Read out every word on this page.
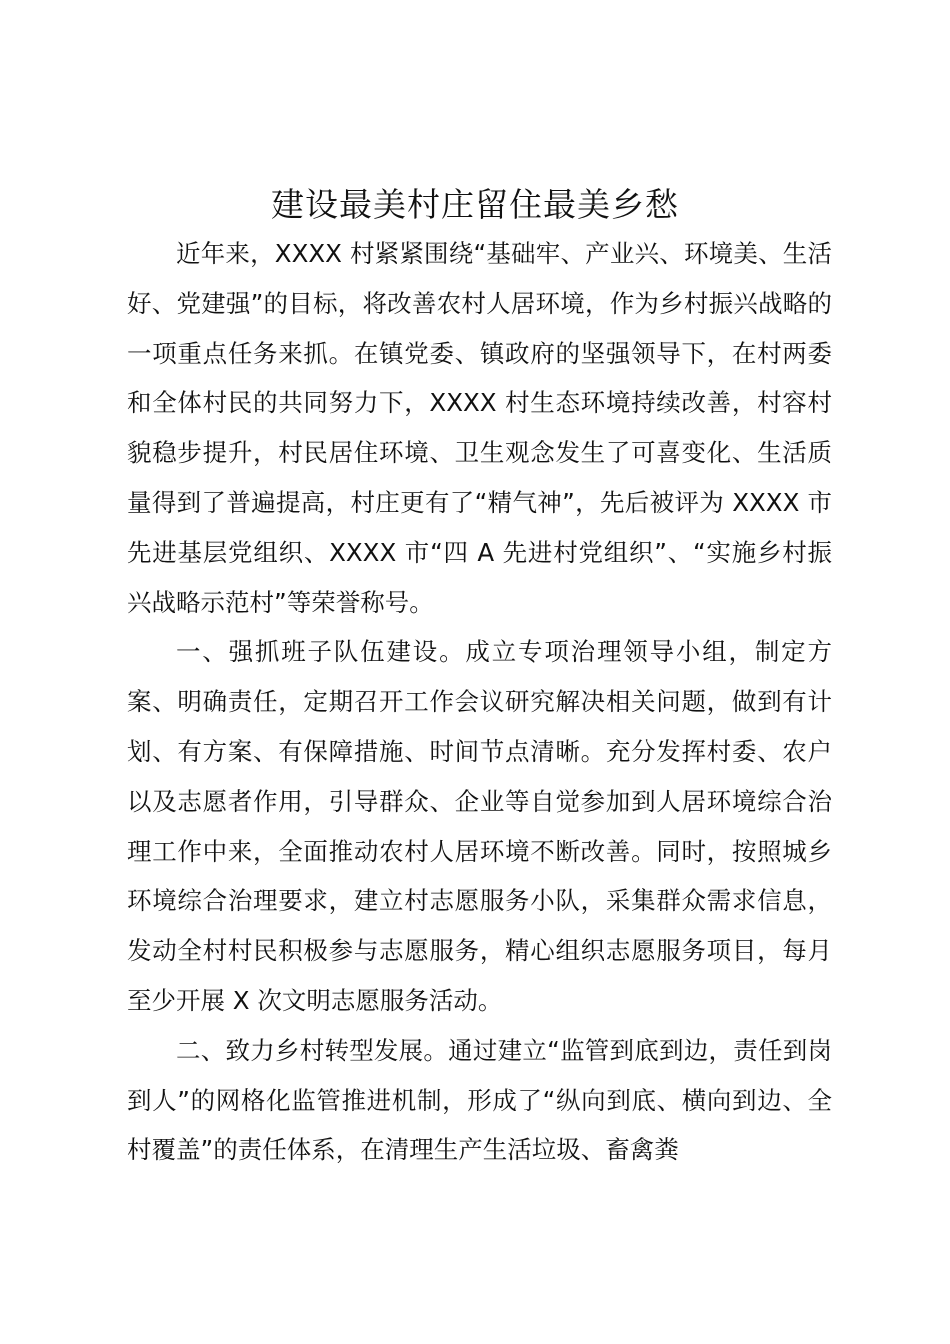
建设最美村庄留住最美乡愁

近年来，XXXX 村紧紧围绕“基础牢、产业兴、环境美、生活好、党建强”的目标，将改善农村人居环境，作为乡村振兴战略的一项重点任务来抓。在镇党委、镇政府的坚强领导下，在村两委和全体村民的共同努力下，XXXX 村生态环境持续改善，村容村貌稳步提升，村民居住环境、卫生观念发生了可喜变化、生活质量得到了普遍提高，村庄更有了“精气神”，先后被评为 XXXX 市先进基层党组织、XXXX 市“四 A 先进村党组织”、“实施乡村振兴战略示范村”等荣誉称号。

一、强抓班子队伍建设。成立专项治理领导小组，制定方案、明确责任，定期召开工作会议研究解决相关问题，做到有计划、有方案、有保障措施、时间节点清晰。充分发挥村委、农户以及志愿者作用，引导群众、企业等自觉参加到人居环境综合治理工作中来，全面推动农村人居环境不断改善。同时，按照城乡环境综合治理要求，建立村志愿服务小队，采集群众需求信息，发动全村村民积极参与志愿服务，精心组织志愿服务项目，每月至少开展 X 次文明志愿服务活动。

二、致力乡村转型发展。通过建立“监管到底到边，责任到岗到人”的网格化监管推进机制，形成了“纵向到底、横向到边、全村覆盖”的责任体系，在清理生产生活垃圾、畜禽粪
